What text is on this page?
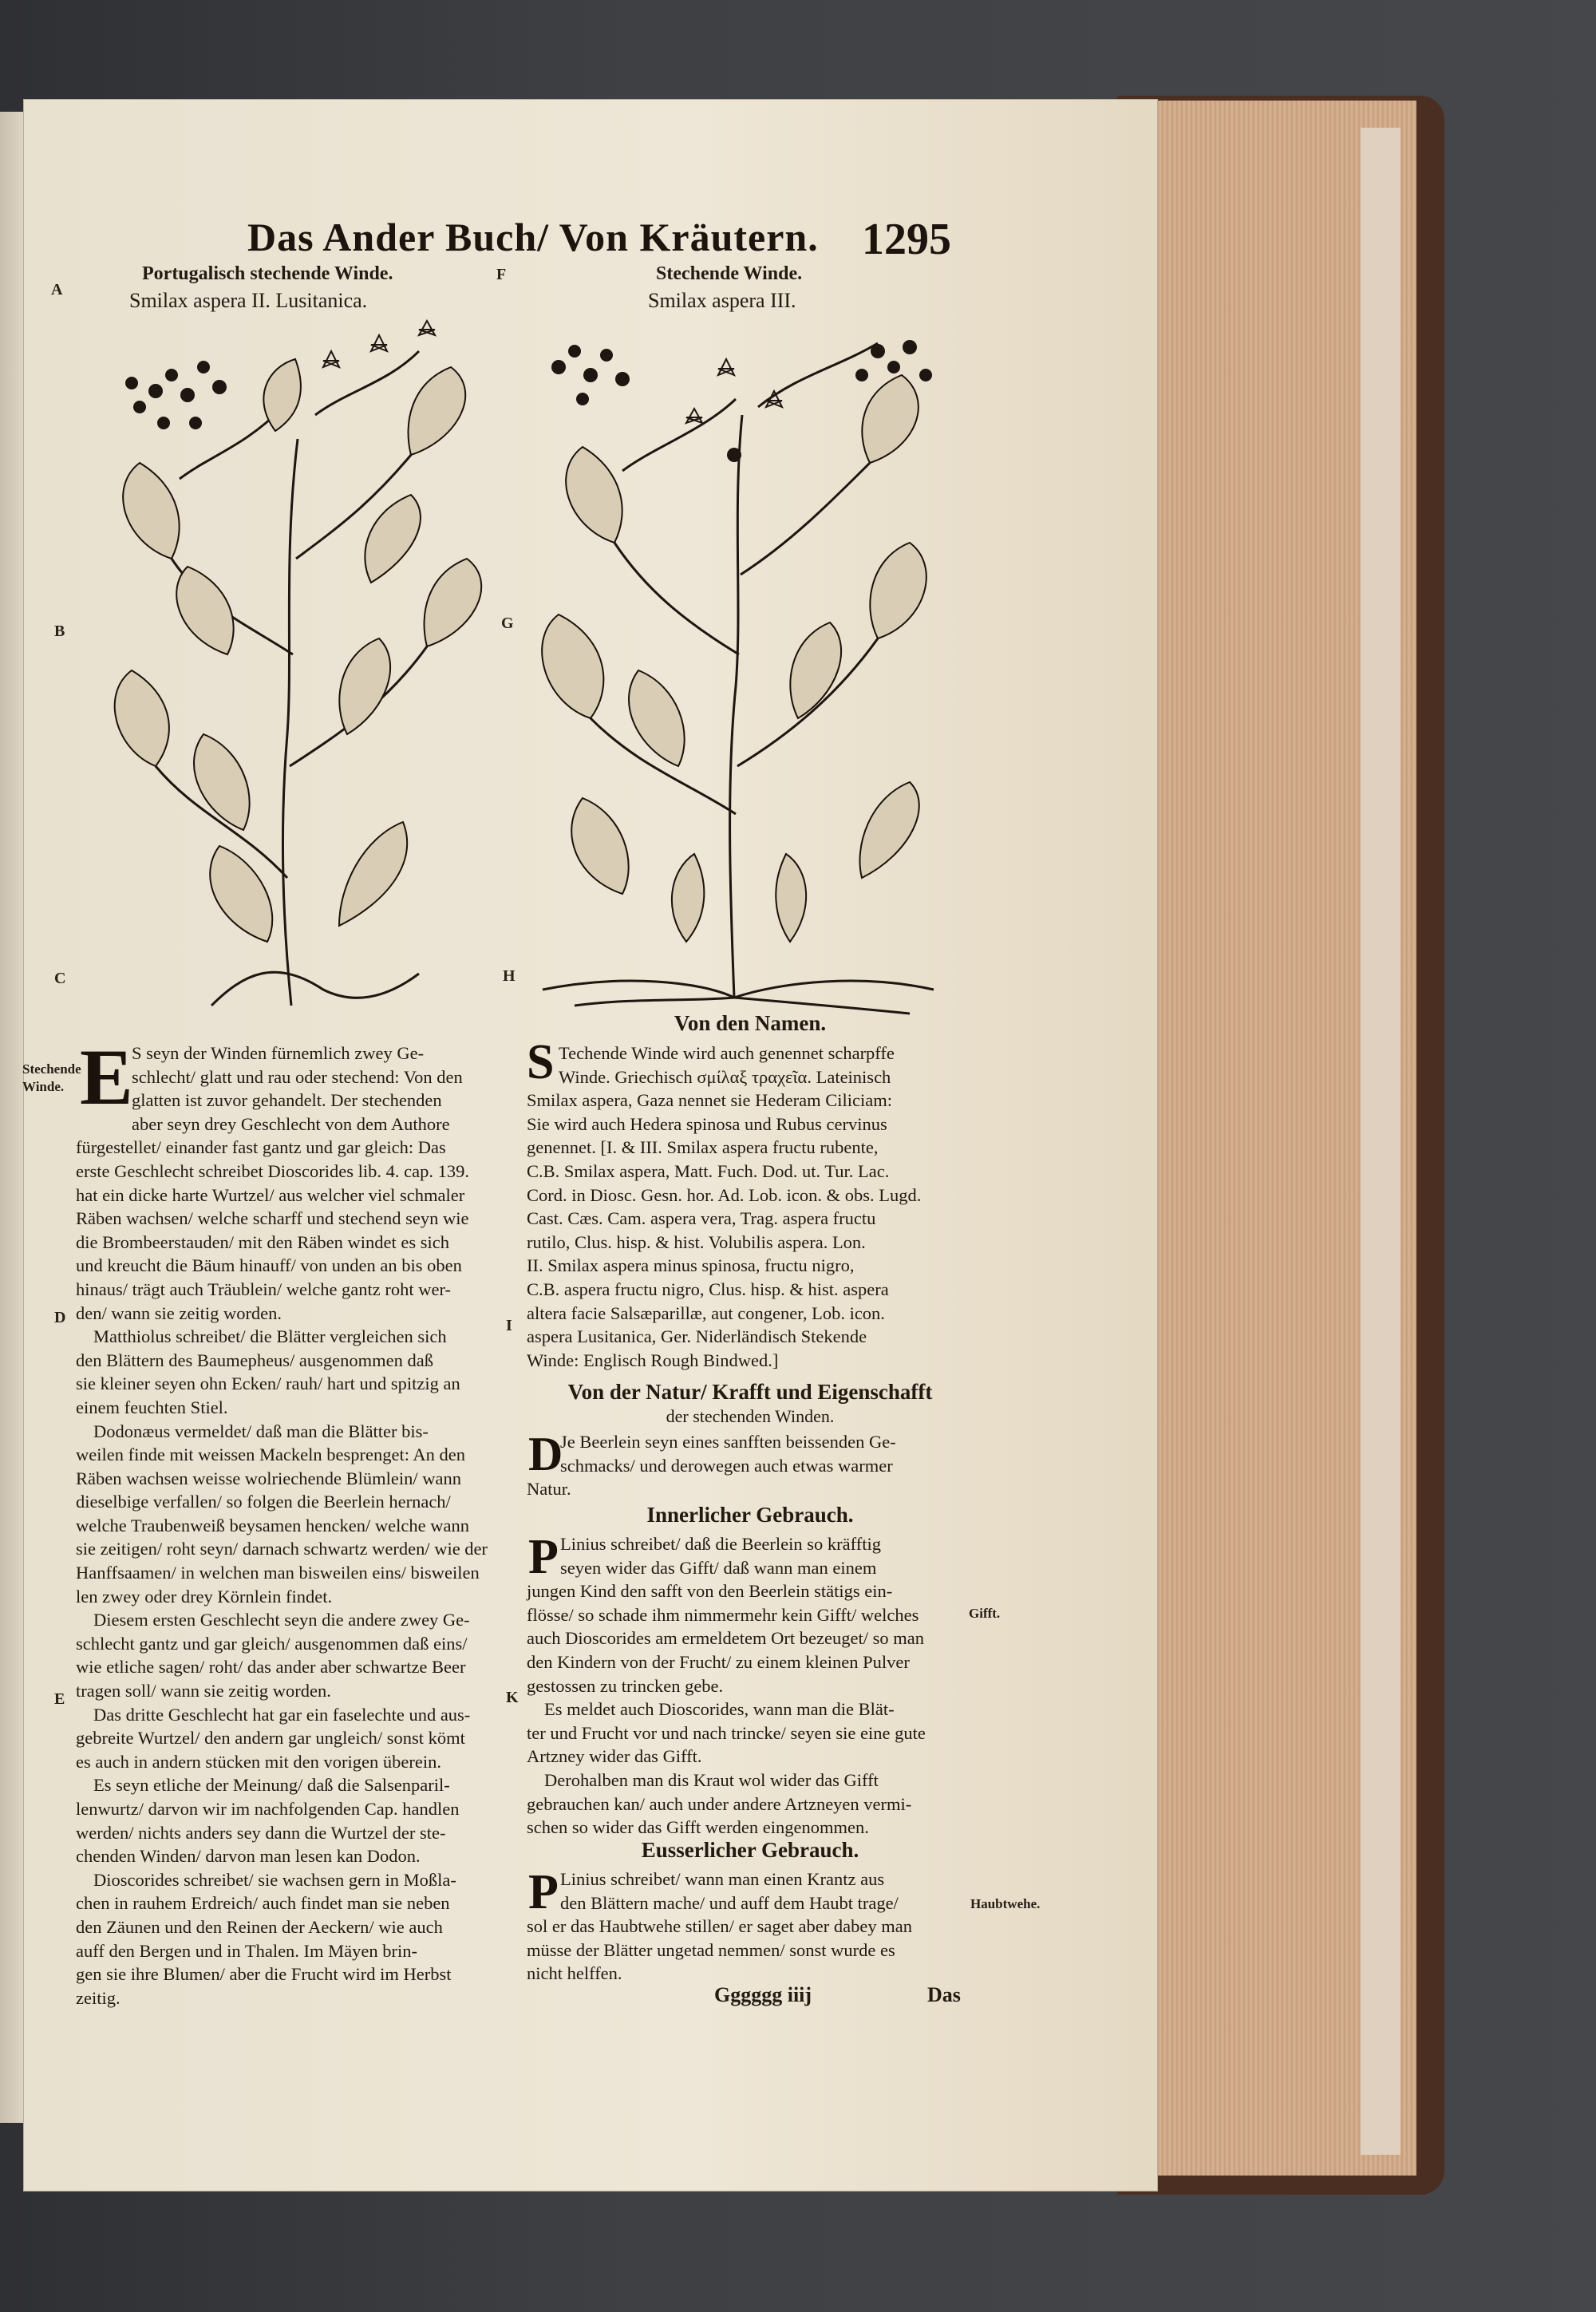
Das Ander Buch/ Von Kräutern. 1295
A
B
C
D
E
F
G
H
I
K
Portugalisch stechende Winde.
Smilax aspera II. Lusitanica.
Stechende Winde.
Smilax aspera III.
Stechende
Winde.
Gifft.
Haubtwehe.
E
S seyn der Winden fürnemlich zwey Ge-
schlecht/ glatt und rau oder stechend: Von den
glatten ist zuvor gehandelt. Der stechenden
aber seyn drey Geschlecht von dem Authore
fürgestellet/ einander fast gantz und gar gleich: Das
erste Geschlecht schreibet Dioscorides lib. 4. cap. 139.
hat ein dicke harte Wurtzel/ aus welcher viel schmaler
Räben wachsen/ welche scharff und stechend seyn wie
die Brombeerstauden/ mit den Räben windet es sich
und kreucht die Bäum hinauff/ von unden an bis oben
hinaus/ trägt auch Träublein/ welche gantz roht wer-
den/ wann sie zeitig worden.
Matthiolus schreibet/ die Blätter vergleichen sich
den Blättern des Baumepheus/ ausgenommen daß
sie kleiner seyen ohn Ecken/ rauh/ hart und spitzig an
einem feuchten Stiel.
Dodonæus vermeldet/ daß man die Blätter bis-
weilen finde mit weissen Mackeln besprenget: An den
Räben wachsen weisse wolriechende Blümlein/ wann
dieselbige verfallen/ so folgen die Beerlein hernach/
welche Traubenweiß beysamen hencken/ welche wann
sie zeitigen/ roht seyn/ darnach schwartz werden/ wie der
Hanffsaamen/ in welchen man bisweilen eins/ bisweilen
len zwey oder drey Körnlein findet.
Diesem ersten Geschlecht seyn die andere zwey Ge-
schlecht gantz und gar gleich/ ausgenommen daß eins/
wie etliche sagen/ roht/ das ander aber schwartze Beer
tragen soll/ wann sie zeitig worden.
Das dritte Geschlecht hat gar ein faselechte und aus-
gebreite Wurtzel/ den andern gar ungleich/ sonst kömt
es auch in andern stücken mit den vorigen überein.
Es seyn etliche der Meinung/ daß die Salsenparil-
lenwurtz/ darvon wir im nachfolgenden Cap. handlen
werden/ nichts anders sey dann die Wurtzel der ste-
chenden Winden/ darvon man lesen kan Dodon.
Dioscorides schreibet/ sie wachsen gern in Moßla-
chen in rauhem Erdreich/ auch findet man sie neben
den Zäunen und den Reinen der Aeckern/ wie auch
auff den Bergen und in Thalen. Im Mäyen brin-
gen sie ihre Blumen/ aber die Frucht wird im Herbst
zeitig.
Von den Namen.
S Techende Winde wird auch genennet scharpffe
Winde. Griechisch σμίλαξ τραχεῖα. Lateinisch
Smilax aspera, Gaza nennet sie Hederam Ciliciam:
Sie wird auch Hedera spinosa und Rubus cervinus
genennet. [I. & III. Smilax aspera fructu rubente,
C.B. Smilax aspera, Matt. Fuch. Dod. ut. Tur. Lac.
Cord. in Diosc. Gesn. hor. Ad. Lob. icon. & obs. Lugd.
Cast. Cæs. Cam. aspera vera, Trag. aspera fructu
rutilo, Clus. hisp. & hist. Volubilis aspera. Lon.
II. Smilax aspera minus spinosa, fructu nigro,
C.B. aspera fructu nigro, Clus. hisp. & hist. aspera
altera facie Salsæparillæ, aut congener, Lob. icon.
aspera Lusitanica, Ger. Niderländisch Stekende
Winde: Englisch Rough Bindwed.]
Von der Natur/ Krafft und Eigenschafft
der stechenden Winden.
D
Je Beerlein seyn eines sanfften beissenden Ge-
schmacks/ und derowegen auch etwas warmer
Natur.
Innerlicher Gebrauch.
P Linius schreibet/ daß die Beerlein so kräfftig
seyen wider das Gifft/ daß wann man einem
jungen Kind den safft von den Beerlein stätigs ein-
flösse/ so schade ihm nimmermehr kein Gifft/ welches
auch Dioscorides am ermeldetem Ort bezeuget/ so man
den Kindern von der Frucht/ zu einem kleinen Pulver
gestossen zu trincken gebe.
Es meldet auch Dioscorides, wann man die Blät-
ter und Frucht vor und nach trincke/ seyen sie eine gute
Artzney wider das Gifft.
Derohalben man dis Kraut wol wider das Gifft
gebrauchen kan/ auch under andere Artzneyen vermi-
schen so wider das Gifft werden eingenommen.
Eusserlicher Gebrauch.
P Linius schreibet/ wann man einen Krantz aus
den Blättern mache/ und auff dem Haubt trage/
sol er das Haubtwehe stillen/ er saget aber dabey man
müsse der Blätter ungetad nemmen/ sonst wurde es
nicht helffen.
Gggggg iiij	Das
